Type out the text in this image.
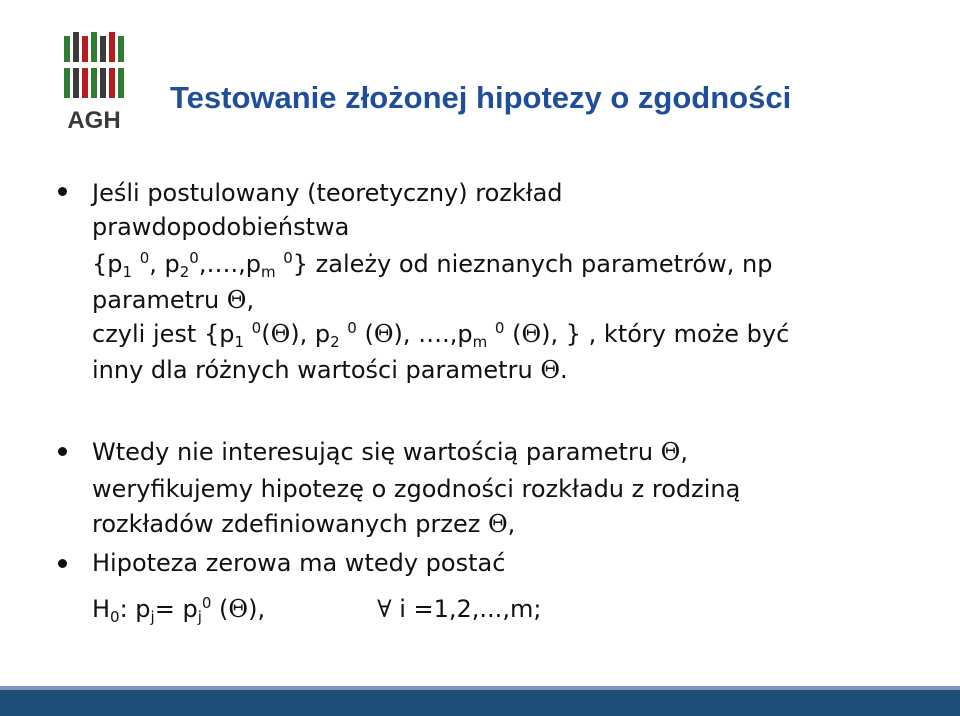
AGH
Testowanie złożonej hipotezy o zgodności
Jeśli postulowany (teoretyczny) rozkład
prawdopodobieństwa
{$p_1$ $^0$, $p_2^0,\dots.,p_m$ $^0$} zależy od nieznanych parametrów, np
parametru Θ,
czyli jest {$p_1$ $^0$(Θ), $p_2$ $^0$ (Θ), $\dots.,p_m$ $^0$ (Θ), } , który może być
inny dla różnych wartości parametru Θ.
Wtedy nie interesując się wartością parametru Θ,
weryfikujemy hipotezę o zgodności rozkładu z rodziną
rozkładów zdefiniowanych przez Θ,
Hipoteza zerowa ma wtedy postać
$H_0$: $p_j= p_j^0$ (Θ),	∀ i =1,2,...,m;
